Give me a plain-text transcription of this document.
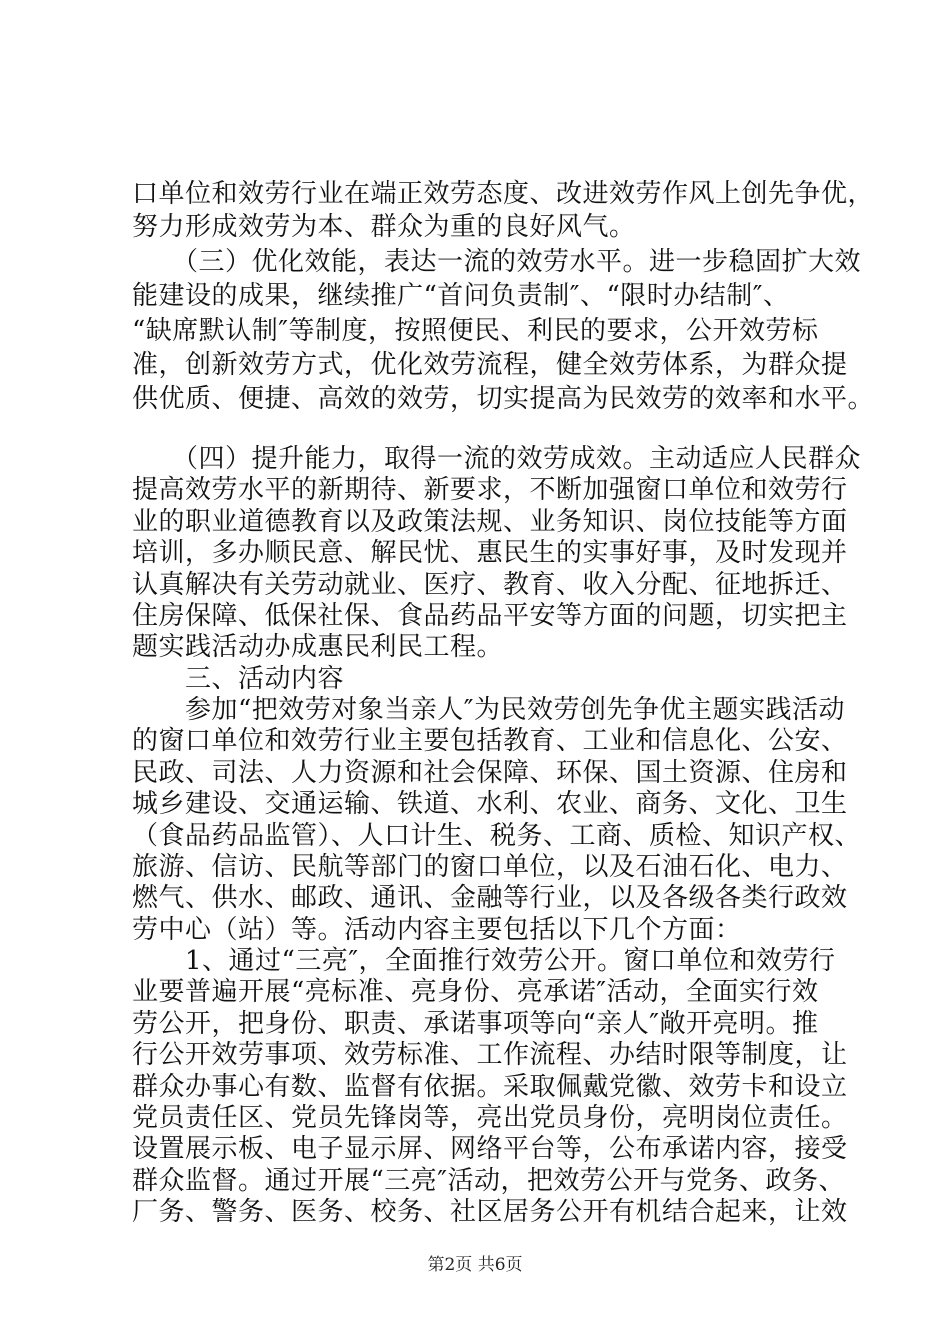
口单位和效劳行业在端正效劳态度、改进效劳作风上创先争优，
努力形成效劳为本、群众为重的良好风气。
　　（三）优化效能，表达一流的效劳水平。进一步稳固扩大效
能建设的成果，继续推广“首问负责制″、“限时办结制″、
“缺席默认制″等制度，按照便民、利民的要求，公开效劳标
准，创新效劳方式，优化效劳流程，健全效劳体系，为群众提
供优质、便捷、高效的效劳，切实提高为民效劳的效率和水平。
　　（四）提升能力，取得一流的效劳成效。主动适应人民群众
提高效劳水平的新期待、新要求，不断加强窗口单位和效劳行
业的职业道德教育以及政策法规、业务知识、岗位技能等方面
培训，多办顺民意、解民忧、惠民生的实事好事，及时发现并
认真解决有关劳动就业、医疗、教育、收入分配、征地拆迁、
住房保障、低保社保、食品药品平安等方面的问题，切实把主
题实践活动办成惠民利民工程。
　　三、活动内容
　　参加“把效劳对象当亲人″为民效劳创先争优主题实践活动
的窗口单位和效劳行业主要包括教育、工业和信息化、公安、
民政、司法、人力资源和社会保障、环保、国土资源、住房和
城乡建设、交通运输、铁道、水利、农业、商务、文化、卫生
（食品药品监管）、人口计生、税务、工商、质检、知识产权、
旅游、信访、民航等部门的窗口单位，以及石油石化、电力、
燃气、供水、邮政、通讯、金融等行业，以及各级各类行政效
劳中心（站）等。活动内容主要包括以下几个方面：
　　1、通过“三亮″，全面推行效劳公开。窗口单位和效劳行
业要普遍开展“亮标准、亮身份、亮承诺″活动，全面实行效
劳公开，把身份、职责、承诺事项等向“亲人″敞开亮明。推
行公开效劳事项、效劳标准、工作流程、办结时限等制度，让
群众办事心有数、监督有依据。采取佩戴党徽、效劳卡和设立
党员责任区、党员先锋岗等，亮出党员身份，亮明岗位责任。
设置展示板、电子显示屏、网络平台等，公布承诺内容，接受
群众监督。通过开展“三亮″活动，把效劳公开与党务、政务、
第2页 共6页
厂务、警务、医务、校务、社区居务公开有机结合起来，让效
